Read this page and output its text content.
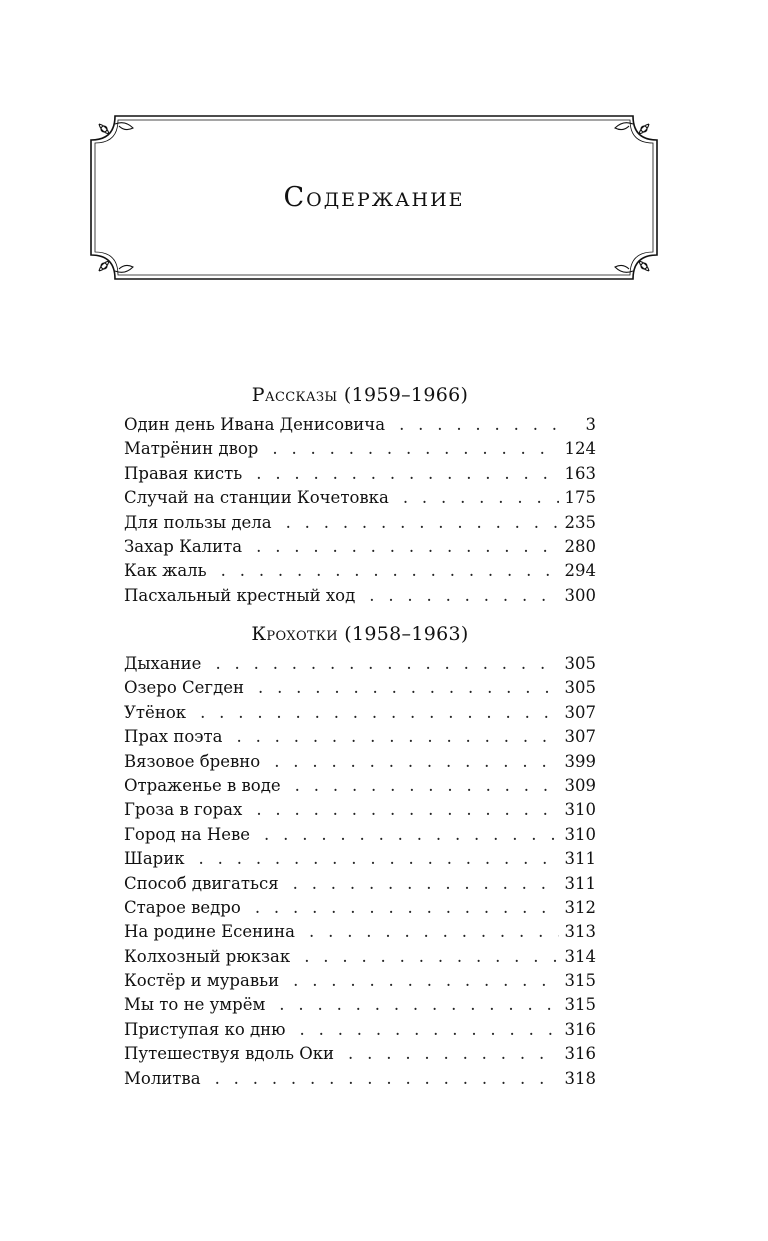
Содержание
Рассказы (1959–1966)
Один день Ивана Денисовича . . .	3
Матрёнин двор . . .	124
Правая кисть . . .	163
Случай на станции Кочетовка . . .	175
Для пользы дела . . .	235
Захар Калита . . .	280
Как жаль . . .	294
Пасхальный крестный ход . . .	300
Крохотки (1958–1963)
Дыхание . . .	305
Озеро Сегден . . .	305
Утёнок . . .	307
Прах поэта . . .	307
Вязовое бревно . . .	399
Отраженье в воде . . .	309
Гроза в горах . . .	310
Город на Неве . . .	310
Шарик . . .	311
Способ двигаться . . .	311
Старое ведро . . .	312
На родине Есенина . . .	313
Колхозный рюкзак . . .	314
Костёр и муравьи . . .	315
Мы то не умрём . . .	315
Приступая ко дню . . .	316
Путешествуя вдоль Оки . . .	316
Молитва . . .	318
